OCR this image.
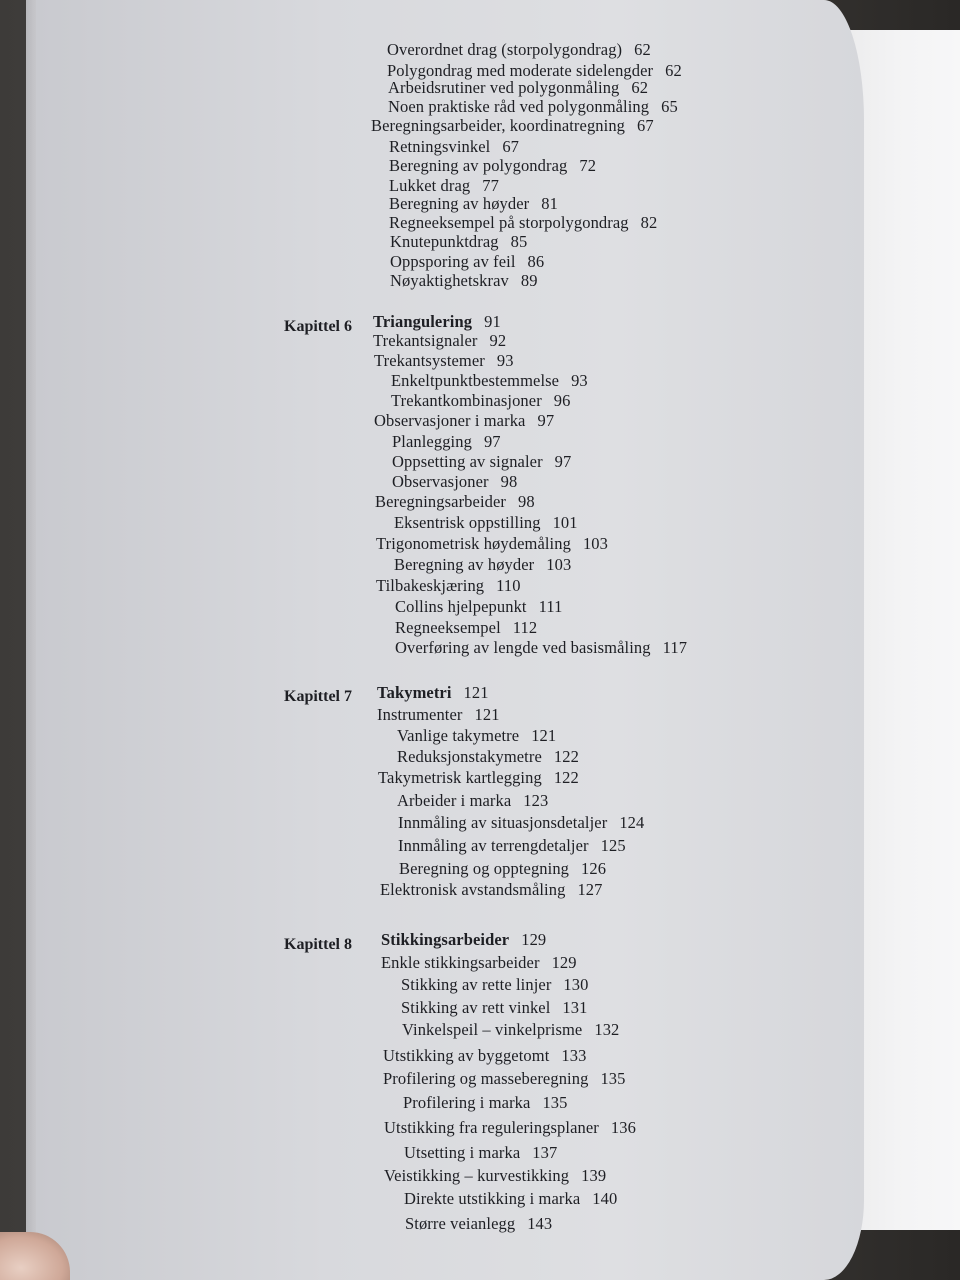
Overordnet drag (storpolygondrag) 62
Polygondrag med moderate sidelengder 62
Arbeidsrutiner ved polygonmåling 62
Noen praktiske råd ved polygonmåling 65
Beregningsarbeider, koordinatregning 67
Retningsvinkel 67
Beregning av polygondrag 72
Lukket drag 77
Beregning av høyder 81
Regneeksempel på storpolygondrag 82
Knutepunktdrag 85
Oppsporing av feil 86
Nøyaktighetskrav 89
Kapittel 6 Triangulering 91
Trekantsignaler 92
Trekantsystemer 93
Enkeltpunktbestemmelse 93
Trekantkombinasjoner 96
Observasjoner i marka 97
Planlegging 97
Oppsetting av signaler 97
Observasjoner 98
Beregningsarbeider 98
Eksentrisk oppstilling 101
Trigonometrisk høydemåling 103
Beregning av høyder 103
Tilbakeskjæring 110
Collins hjelpepunkt 111
Regneeksempel 112
Overføring av lengde ved basismåling 117
Kapittel 7 Takymetri 121
Instrumenter 121
Vanlige takymetre 121
Reduksjonstakymetre 122
Takymetrisk kartlegging 122
Arbeider i marka 123
Innmåling av situasjonsdetaljer 124
Innmåling av terrengdetaljer 125
Beregning og opptegning 126
Elektronisk avstandsmåling 127
Kapittel 8 Stikkingsarbeider 129
Enkle stikkingsarbeider 129
Stikking av rette linjer 130
Stikking av rett vinkel 131
Vinkelspeil – vinkelprisme 132
Utstikking av byggetomt 133
Profilering og masseberegning 135
Profilering i marka 135
Utstikking fra reguleringsplaner 136
Utsetting i marka 137
Veistikking – kurvestikking 139
Direkte utstikking i marka 140
Større veianlegg 143
